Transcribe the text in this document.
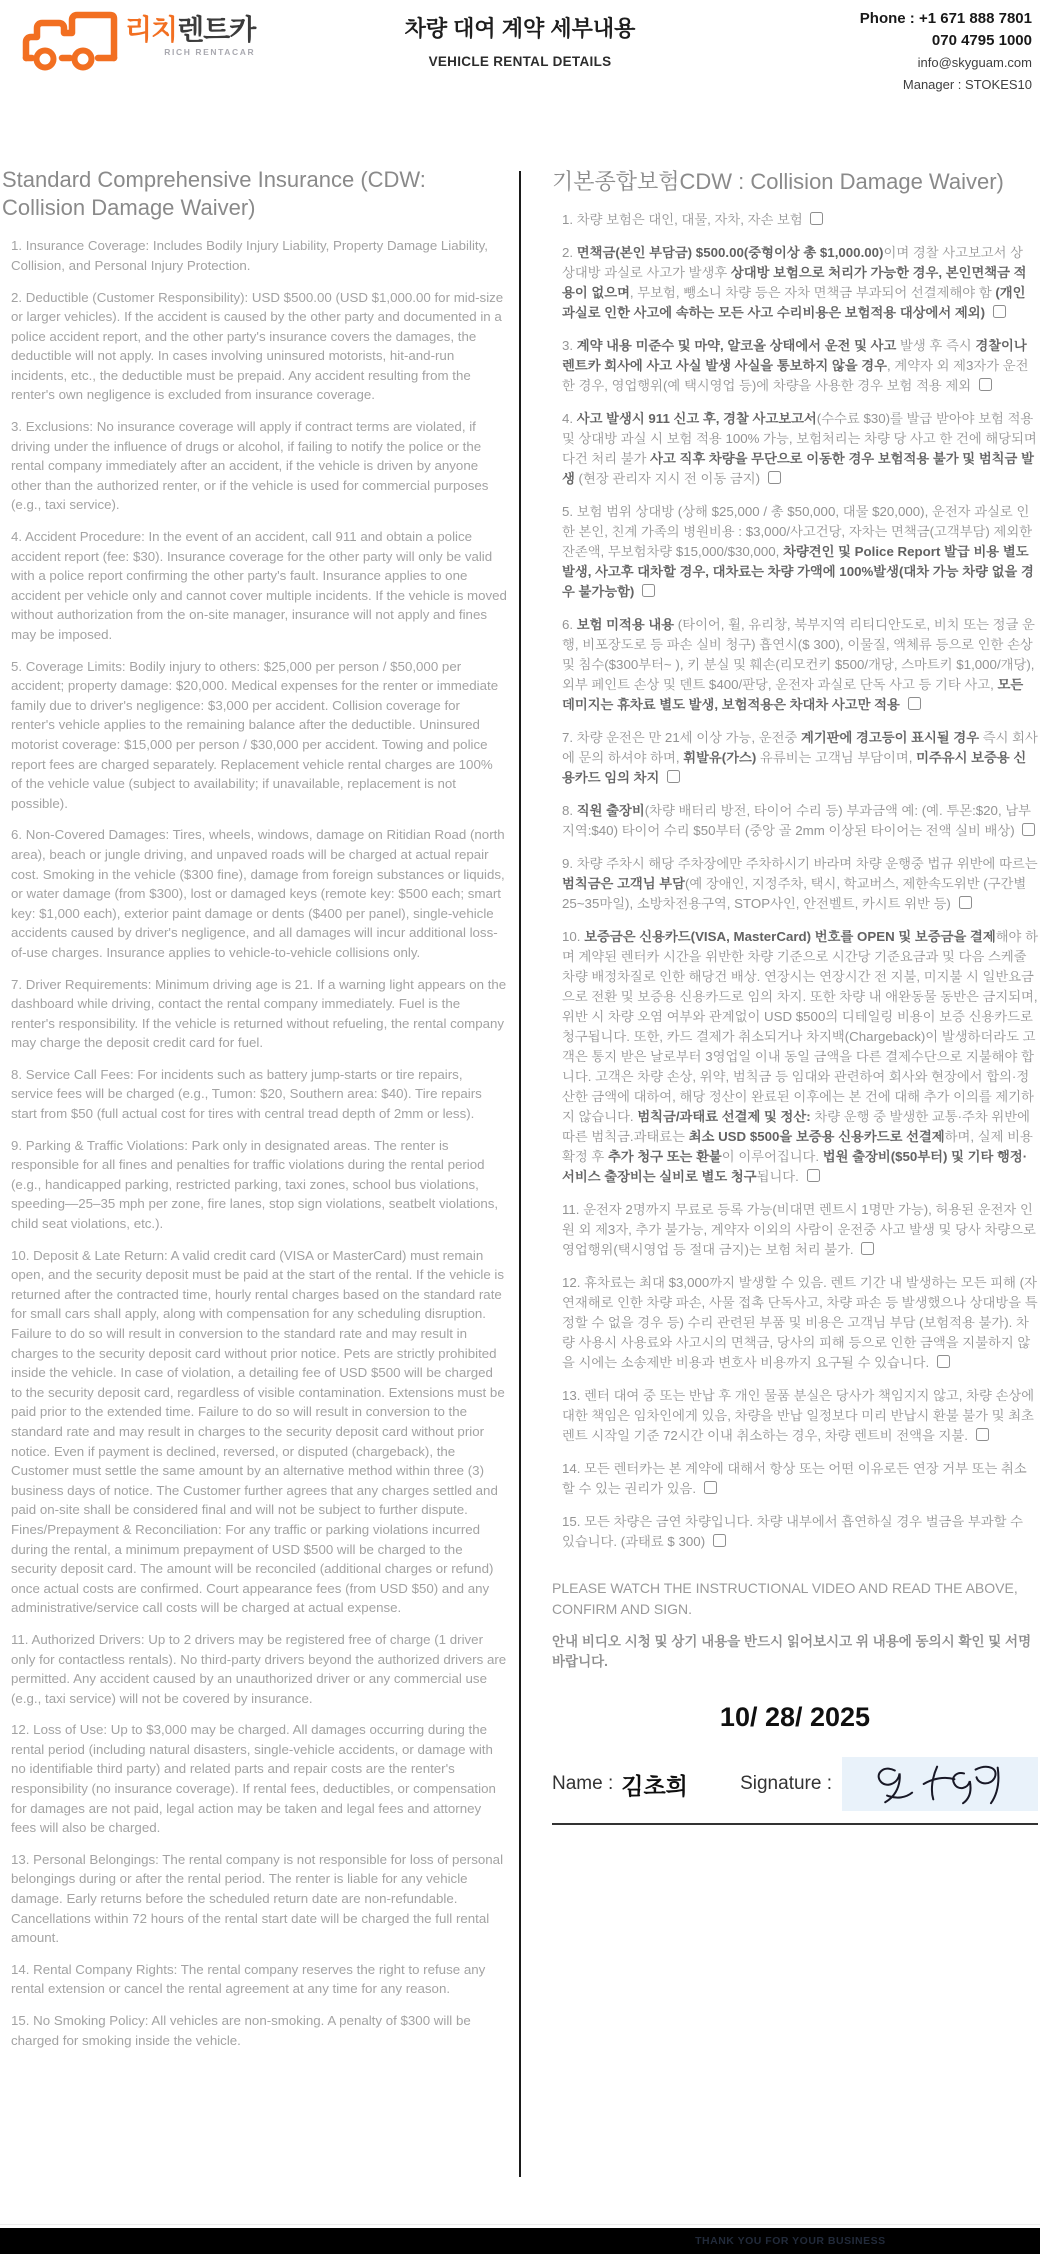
리치렌트카
RICH RENTACAR
차량 대여 계약 세부내용
VEHICLE RENTAL DETAILS
Phone : +1 671 888 7801
070 4795 1000
info@skyguam.com
Manager : STOKES10
Standard Comprehensive Insurance (CDW: Collision Damage Waiver)

1. Insurance Coverage: Includes Bodily Injury Liability, Property Damage Liability, Collision, and Personal Injury Protection.

2. Deductible (Customer Responsibility): USD $500.00 (USD $1,000.00 for mid-size or larger vehicles). If the accident is caused by the other party and documented in a police accident report, and the other party's insurance covers the damages, the deductible will not apply. In cases involving uninsured motorists, hit-and-run incidents, etc., the deductible must be prepaid. Any accident resulting from the renter's own negligence is excluded from insurance coverage.

3. Exclusions: No insurance coverage will apply if contract terms are violated, if driving under the influence of drugs or alcohol, if failing to notify the police or the rental company immediately after an accident, if the vehicle is driven by anyone other than the authorized renter, or if the vehicle is used for commercial purposes (e.g., taxi service).

4. Accident Procedure: In the event of an accident, call 911 and obtain a police accident report (fee: $30). Insurance coverage for the other party will only be valid with a police report confirming the other party's fault. Insurance applies to one accident per vehicle only and cannot cover multiple incidents. If the vehicle is moved without authorization from the on-site manager, insurance will not apply and fines may be imposed.

5. Coverage Limits: Bodily injury to others: $25,000 per person / $50,000 per accident; property damage: $20,000. Medical expenses for the renter or immediate family due to driver's negligence: $3,000 per accident. Collision coverage for renter's vehicle applies to the remaining balance after the deductible. Uninsured motorist coverage: $15,000 per person / $30,000 per accident. Towing and police report fees are charged separately. Replacement vehicle rental charges are 100% of the vehicle value (subject to availability; if unavailable, replacement is not possible).

6. Non-Covered Damages: Tires, wheels, windows, damage on Ritidian Road (north area), beach or jungle driving, and unpaved roads will be charged at actual repair cost. Smoking in the vehicle ($300 fine), damage from foreign substances or liquids, or water damage (from $300), lost or damaged keys (remote key: $500 each; smart key: $1,000 each), exterior paint damage or dents ($400 per panel), single-vehicle accidents caused by driver's negligence, and all damages will incur additional loss-of-use charges. Insurance applies to vehicle-to-vehicle collisions only.

7. Driver Requirements: Minimum driving age is 21. If a warning light appears on the dashboard while driving, contact the rental company immediately. Fuel is the renter's responsibility. If the vehicle is returned without refueling, the rental company may charge the deposit credit card for fuel.

8. Service Call Fees: For incidents such as battery jump-starts or tire repairs, service fees will be charged (e.g., Tumon: $20, Southern area: $40). Tire repairs start from $50 (full actual cost for tires with central tread depth of 2mm or less).

9. Parking & Traffic Violations: Park only in designated areas. The renter is responsible for all fines and penalties for traffic violations during the rental period (e.g., handicapped parking, restricted parking, taxi zones, school bus violations, speeding—25–35 mph per zone, fire lanes, stop sign violations, seatbelt violations, child seat violations, etc.).

10. Deposit & Late Return: A valid credit card (VISA or MasterCard) must remain open, and the security deposit must be paid at the start of the rental. If the vehicle is returned after the contracted time, hourly rental charges based on the standard rate for small cars shall apply, along with compensation for any scheduling disruption. Failure to do so will result in conversion to the standard rate and may result in charges to the security deposit card without prior notice. Pets are strictly prohibited inside the vehicle. In case of violation, a detailing fee of USD $500 will be charged to the security deposit card, regardless of visible contamination. Extensions must be paid prior to the extended time. Failure to do so will result in conversion to the standard rate and may result in charges to the security deposit card without prior notice. Even if payment is declined, reversed, or disputed (chargeback), the Customer must settle the same amount by an alternative method within three (3) business days of notice. The Customer further agrees that any charges settled and paid on-site shall be considered final and will not be subject to further dispute. Fines/Prepayment & Reconciliation: For any traffic or parking violations incurred during the rental, a minimum prepayment of USD $500 will be charged to the security deposit card. The amount will be reconciled (additional charges or refund) once actual costs are confirmed. Court appearance fees (from USD $50) and any administrative/service call costs will be charged at actual expense.

11. Authorized Drivers: Up to 2 drivers may be registered free of charge (1 driver only for contactless rentals). No third-party drivers beyond the authorized drivers are permitted. Any accident caused by an unauthorized driver or any commercial use (e.g., taxi service) will not be covered by insurance.

12. Loss of Use: Up to $3,000 may be charged. All damages occurring during the rental period (including natural disasters, single-vehicle accidents, or damage with no identifiable third party) and related parts and repair costs are the renter's responsibility (no insurance coverage). If rental fees, deductibles, or compensation for damages are not paid, legal action may be taken and legal fees and attorney fees will also be charged.

13. Personal Belongings: The rental company is not responsible for loss of personal belongings during or after the rental period. The renter is liable for any vehicle damage. Early returns before the scheduled return date are non-refundable. Cancellations within 72 hours of the rental start date will be charged the full rental amount.

14. Rental Company Rights: The rental company reserves the right to refuse any rental extension or cancel the rental agreement at any time for any reason.

15. No Smoking Policy: All vehicles are non-smoking. A penalty of $300 will be charged for smoking inside the vehicle.

기본종합보험CDW : Collision Damage Waiver)

1. 차량 보험은 대인, 대물, 자차, 자손 보험

2. 면책금(본인 부담금) $500.00(중형이상 총 $1,000.00)이며 경찰 사고보고서 상 상대방 과실로 사고가 발생후 상대방 보험으로 처리가 가능한 경우, 본인면책금 적용이 없으며, 무보험, 뺑소니 차량 등은 자차 면책금 부과되어 선결제해야 함 (개인 과실로 인한 사고에 속하는 모든 사고 수리비용은 보험적용 대상에서 제외)

3. 계약 내용 미준수 및 마약, 알코올 상태에서 운전 및 사고 발생 후 즉시 경찰이나 렌트카 회사에 사고 사실 발생 사실을 통보하지 않을 경우, 계약자 외 제3자가 운전한 경우, 영업행위(예 택시영업 등)에 차량을 사용한 경우 보험 적용 제외

4. 사고 발생시 911 신고 후, 경찰 사고보고서(수수료 $30)를 발급 받아야 보험 적용 및 상대방 과실 시 보험 적용 100% 가능, 보험처리는 차량 당 사고 한 건에 해당되며 다건 처리 불가 사고 직후 차량을 무단으로 이동한 경우 보험적용 불가 및 범칙금 발생 (현장 관리자 지시 전 이동 금지)

5. 보험 범위 상대방 (상해 $25,000 / 총 $50,000, 대물 $20,000), 운전자 과실로 인한 본인, 친계 가족의 병원비용 : $3,000/사고건당, 자차는 면책금(고객부담) 제외한 잔존액, 무보험차량 $15,000/$30,000, 차량견인 및 Police Report 발급 비용 별도 발생, 사고후 대차할 경우, 대차료는 차량 가액에 100%발생(대차 가능 차량 없을 경우 불가능함)

6. 보험 미적용 내용 (타이어, 휠, 유리창, 북부지역 리티디안도로, 비치 또는 정글 운행, 비포장도로 등 파손 실비 청구) 흡연시($ 300), 이물질, 액체류 등으로 인한 손상 및 침수($300부터~ ), 키 분실 및 훼손(리모컨키 $500/개당, 스마트키 $1,000/개당), 외부 페인트 손상 및 덴트 $400/판당, 운전자 과실로 단독 사고 등 기타 사고, 모든 데미지는 휴차료 별도 발생, 보험적용은 차대차 사고만 적용

7. 차량 운전은 만 21세 이상 가능, 운전중 계기판에 경고등이 표시될 경우 즉시 회사에 문의 하셔야 하며, 휘발유(가스) 유류비는 고객님 부담이며, 미주유시 보증용 신용카드 임의 차지

8. 직원 출장비(차량 배터리 방전, 타이어 수리 등) 부과금액 예: (예. 투몬:$20, 남부지역:$40) 타이어 수리 $50부터 (중앙 골 2mm 이상된 타이어는 전액 실비 배상)

9. 차량 주차시 해당 주차장에만 주차하시기 바라며 차량 운행중 법규 위반에 따르는 범칙금은 고객님 부담(예 장애인, 지정주차, 택시, 학교버스, 제한속도위반 (구간별 25~35마일), 소방차전용구역, STOP사인, 안전벨트, 카시트 위반 등)

10. 보증금은 신용카드(VISA, MasterCard) 번호를 OPEN 및 보증금을 결제해야 하며 계약된 렌터카 시간을 위반한 차량 기준으로 시간당 기준요금과 및 다음 스케줄 차량 배정차질로 인한 해당건 배상. 연장시는 연장시간 전 지불, 미지불 시 일반요금으로 전환 및 보증용 신용카드로 임의 차지. 또한 차량 내 애완동물 동반은 금지되며, 위반 시 차량 오염 여부와 관계없이 USD $500의 디테일링 비용이 보증 신용카드로 청구됩니다. 또한, 카드 결제가 취소되거나 차지백(Chargeback)이 발생하더라도 고객은 통지 받은 날로부터 3영업일 이내 동일 금액을 다른 결제수단으로 지불해야 합니다. 고객은 차량 손상, 위약, 범칙금 등 임대와 관련하여 회사와 현장에서 합의·정산한 금액에 대하여, 해당 정산이 완료된 이후에는 본 건에 대해 추가 이의를 제기하지 않습니다. 범칙금/과태료 선결제 및 정산: 차량 운행 중 발생한 교통·주차 위반에 따른 범칙금.과태료는 최소 USD $500을 보증용 신용카드로 선결제하며, 실제 비용 확정 후 추가 청구 또는 환불이 이루어집니다. 법원 출장비($50부터) 및 기타 행정·서비스 출장비는 실비로 별도 청구됩니다.

11. 운전자 2명까지 무료로 등록 가능(비대면 렌트시 1명만 가능), 허용된 운전자 인원 외 제3자, 추가 불가능, 계약자 이외의 사람이 운전중 사고 발생 및 당사 차량으로 영업행위(택시영업 등 절대 금지)는 보험 처리 불가.

12. 휴차료는 최대 $3,000까지 발생할 수 있음. 렌트 기간 내 발생하는 모든 피해 (자연재해로 인한 차량 파손, 사물 접촉 단독사고, 차량 파손 등 발생했으나 상대방을 특정할 수 없을 경우 등) 수리 관련된 부품 및 비용은 고객님 부담 (보험적용 불가). 차량 사용시 사용료와 사고시의 면책금, 당사의 피해 등으로 인한 금액을 지불하지 않을 시에는 소송제반 비용과 변호사 비용까지 요구될 수 있습니다.

13. 렌터 대여 중 또는 반납 후 개인 물품 분실은 당사가 책임지지 않고, 차량 손상에 대한 책임은 임차인에게 있음, 차량을 반납 일정보다 미리 반납시 환불 불가 및 최초 렌트 시작일 기준 72시간 이내 취소하는 경우, 차량 렌트비 전액을 지불.

14. 모든 렌터카는 본 계약에 대해서 항상 또는 어떤 이유로든 연장 거부 또는 취소할 수 있는 권리가 있음.

15. 모든 차량은 금연 차량입니다. 차량 내부에서 흡연하실 경우 벌금을 부과할 수 있습니다. (과태료 $ 300)

PLEASE WATCH THE INSTRUCTIONAL VIDEO AND READ THE ABOVE, CONFIRM AND SIGN.

안내 비디오 시청 및 상기 내용을 반드시 읽어보시고 위 내용에 동의시 확인 및 서명 바랍니다.

10/ 28/ 2025
Name : 김초희	Signature :
THANK YOU FOR YOUR BUSINESS
